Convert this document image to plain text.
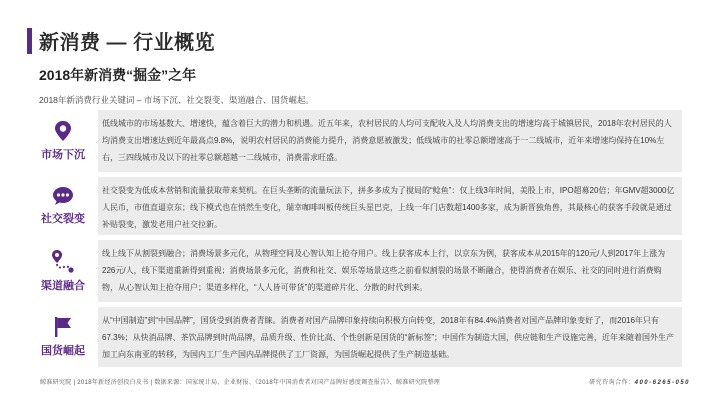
新消费 — 行业概览
2018年新消费“掘金”之年
2018年新消费行业关键词 – 市场下沉、社交裂变、渠道融合、国货崛起。
市场下沉
低线城市的市场基数大、增速快，蕴含着巨大的潜力和机遇。近五年来，农村居民的人均可支配收入及人均消费支出的增速均高于城镇居民，2018年农村居民的人均消费支出增速达到近年最高点9.8%，说明农村居民的消费能力提升，消费意愿被激发；低线城市的社零总额增速高于一二线城市，近年来增速均保持在10%左右，三四线城市及以下的社零总额超越一二线城市，消费需求旺盛。
社交裂变
社交裂变为低成本营销和流量获取带来契机。在巨头垄断的流量玩法下，拼多多成为了搅局的“鲶鱼”：仅上线3年时间，美股上市，IPO超募20倍；年GMV超3000亿人民币，市值直逼京东；线下模式也在悄然生变化，瑞幸咖啡叫板传统巨头星巴克，上线一年门店数超1400多家，成为新晋独角兽，其最核心的获客手段就是通过补贴裂变，激发老用户社交拉新。
渠道融合
线上线下从割裂到融合；消费场景多元化，从物理空间及心智认知上抢夺用户。线上获客成本上行，以京东为例，获客成本从2015年的120元/人到2017年上涨为226元/人，线下渠道重新得到重视；消费场景多元化，消费和社交、娱乐等场景这些之前看似割裂的场景不断融合，使得消费者在娱乐、社交的同时进行消费购物，从心智认知上抢夺用户；渠道多样化，“人人皆可带货”的渠道碎片化、分散的时代到来。
国货崛起
从“中国制造”到“中国品牌”，国货受到消费者青睐。消费者对国产品牌印象持续向积极方向转变，2018年有84.4%消费者对国产品牌印象变好了，而2016年只有67.3%；从快消品牌、茶饮品牌到时尚品牌，品质升级、性价比高、个性创新是国货的“新标签”；中国作为制造大国，供应链和生产设施完善，近年来随着国外生产加工向东南亚的转移，为国内工厂生产国内品牌提供了工厂资源，为国货崛起提供了生产制造基础。
鲸准研究院 | 2018年新经济创投白皮书 | 数据来源：国家统计局、企业财报、《2018年中国消费者对国产品牌好感度调查报告》、鲸准研究院整理	研究咨询合作：400-6265-050
